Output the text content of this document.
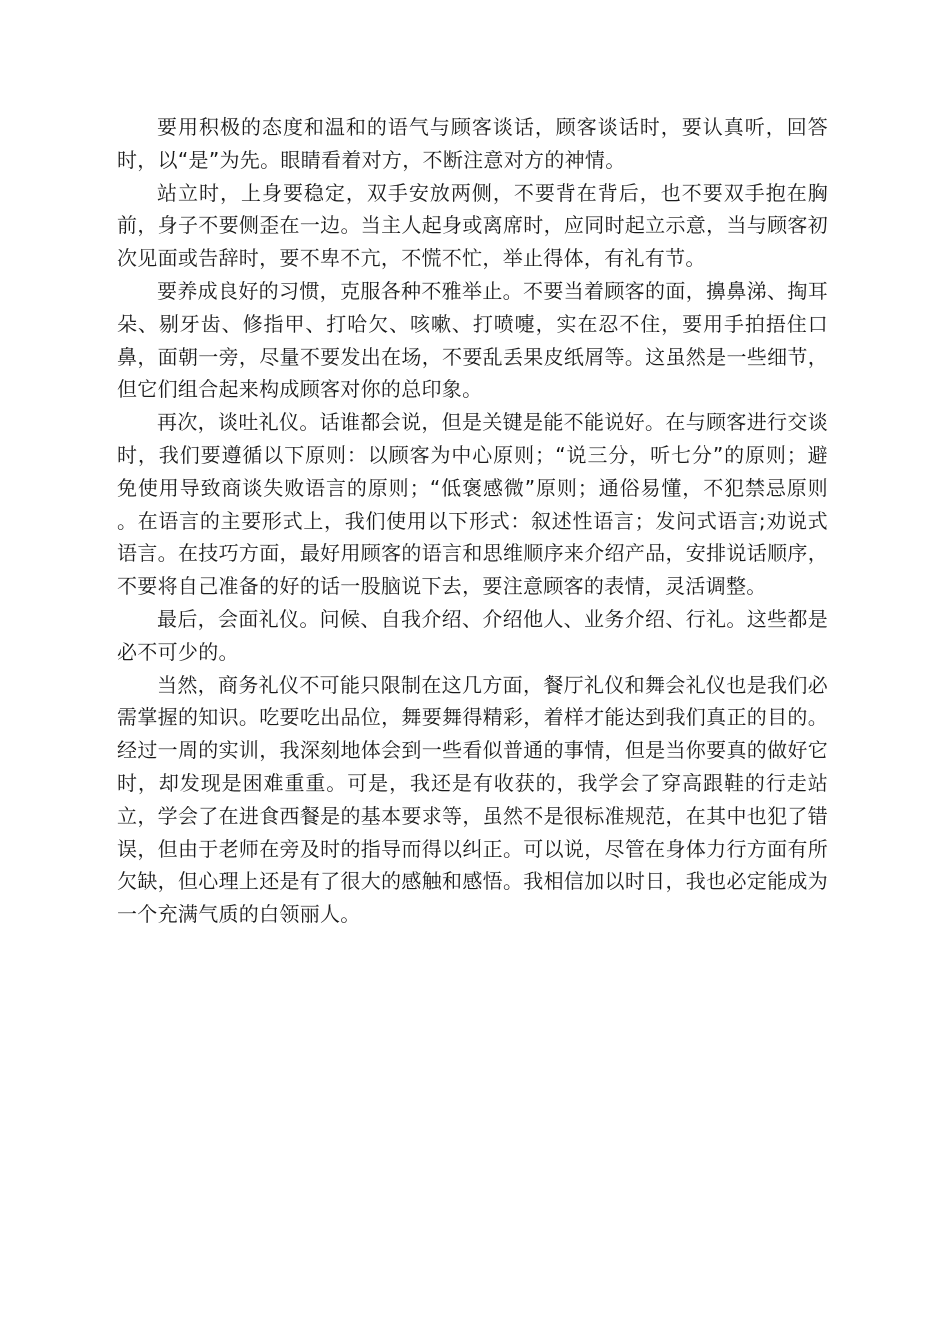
要用积极的态度和温和的语气与顾客谈话，顾客谈话时，要认真听，回答时，以“是”为先。眼睛看着对方，不断注意对方的神情。

站立时，上身要稳定，双手安放两侧，不要背在背后，也不要双手抱在胸前，身子不要侧歪在一边。当主人起身或离席时，应同时起立示意，当与顾客初次见面或告辞时，要不卑不亢，不慌不忙，举止得体，有礼有节。

要养成良好的习惯，克服各种不雅举止。不要当着顾客的面，擤鼻涕、掏耳朵、剔牙齿、修指甲、打哈欠、咳嗽、打喷嚏，实在忍不住，要用手拍捂住口鼻，面朝一旁，尽量不要发出在场，不要乱丢果皮纸屑等。这虽然是一些细节，但它们组合起来构成顾客对你的总印象。

再次，谈吐礼仪。话谁都会说，但是关键是能不能说好。在与顾客进行交谈时，我们要遵循以下原则：以顾客为中心原则；“说三分，听七分”的原则；避免使用导致商谈失败语言的原则；“低褒感微”原则；通俗易懂，不犯禁忌原则 。在语言的主要形式上，我们使用以下形式：叙述性语言；发问式语言;劝说式语言。在技巧方面，最好用顾客的语言和思维顺序来介绍产品，安排说话顺序，不要将自己准备的好的话一股脑说下去，要注意顾客的表情，灵活调整。

最后，会面礼仪。问候、自我介绍、介绍他人、业务介绍、行礼。这些都是必不可少的。

当然，商务礼仪不可能只限制在这几方面，餐厅礼仪和舞会礼仪也是我们必需掌握的知识。吃要吃出品位，舞要舞得精彩，着样才能达到我们真正的目的。经过一周的实训，我深刻地体会到一些看似普通的事情，但是当你要真的做好它时，却发现是困难重重。可是，我还是有收获的，我学会了穿高跟鞋的行走站立，学会了在进食西餐是的基本要求等，虽然不是很标准规范，在其中也犯了错误，但由于老师在旁及时的指导而得以纠正。可以说，尽管在身体力行方面有所欠缺，但心理上还是有了很大的感触和感悟。我相信加以时日，我也必定能成为一个充满气质的白领丽人。
